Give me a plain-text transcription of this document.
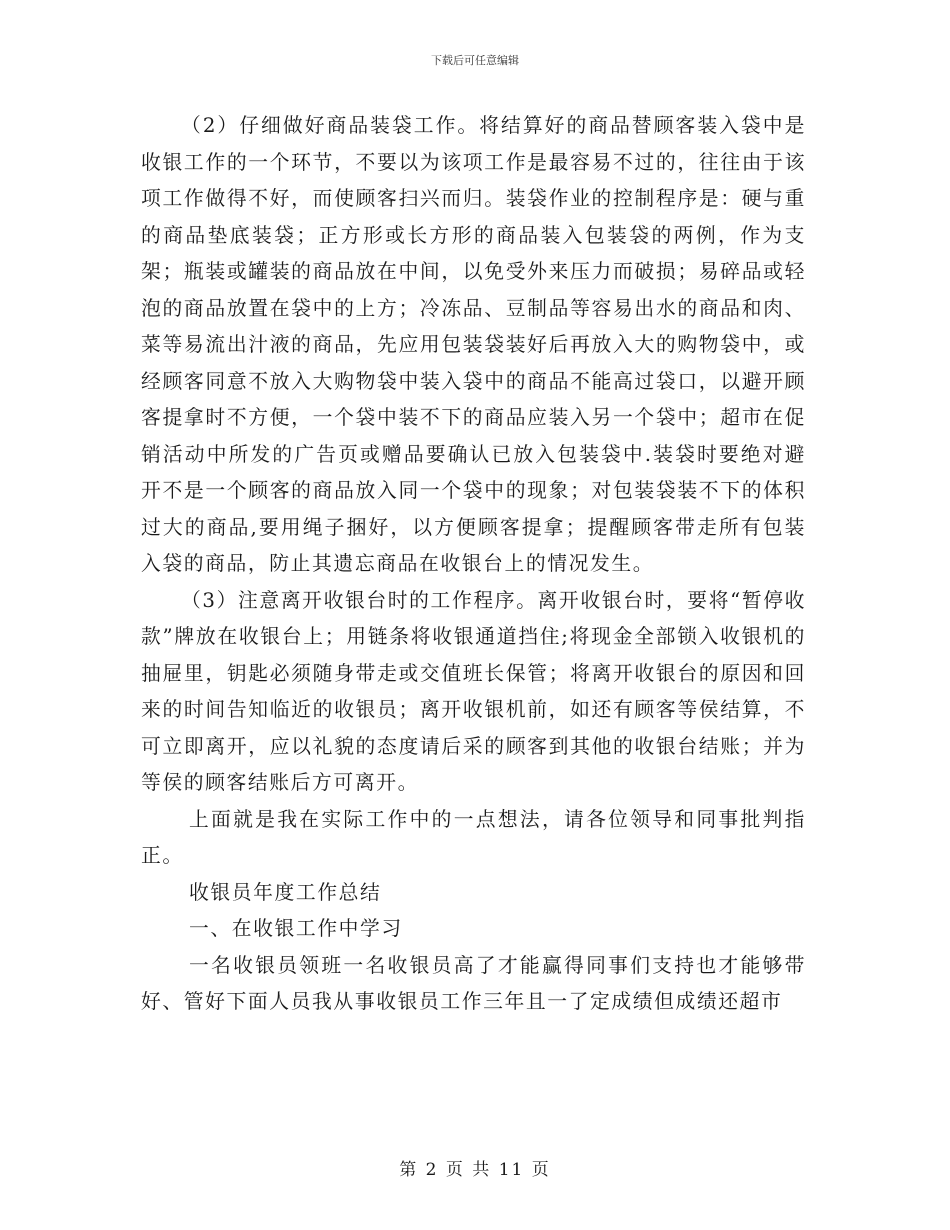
下载后可任意编辑

（2）仔细做好商品装袋工作。将结算好的商品替顾客装入袋中是收银工作的一个环节，不要以为该项工作是最容易不过的，往往由于该项工作做得不好，而使顾客扫兴而归。装袋作业的控制程序是：硬与重的商品垫底装袋；正方形或长方形的商品装入包装袋的两例，作为支架；瓶装或罐装的商品放在中间，以免受外来压力而破损；易碎品或轻泡的商品放置在袋中的上方；冷冻品、豆制品等容易出水的商品和肉、菜等易流出汁液的商品，先应用包装袋装好后再放入大的购物袋中，或经顾客同意不放入大购物袋中装入袋中的商品不能高过袋口，以避开顾客提拿时不方便，一个袋中装不下的商品应装入另一个袋中；超市在促销活动中所发的广告页或赠品要确认已放入包装袋中.装袋时要绝对避开不是一个顾客的商品放入同一个袋中的现象；对包装袋装不下的体积过大的商品,要用绳子捆好，以方便顾客提拿；提醒顾客带走所有包装入袋的商品，防止其遗忘商品在收银台上的情况发生。

（3）注意离开收银台时的工作程序。离开收银台时，要将“暂停收款”牌放在收银台上；用链条将收银通道挡住;将现金全部锁入收银机的抽屉里，钥匙必须随身带走或交值班长保管；将离开收银台的原因和回来的时间告知临近的收银员；离开收银机前，如还有顾客等侯结算，不可立即离开，应以礼貌的态度请后采的顾客到其他的收银台结账；并为等侯的顾客结账后方可离开。

上面就是我在实际工作中的一点想法，请各位领导和同事批判指正。

收银员年度工作总结

一、在收银工作中学习

一名收银员领班一名收银员高了才能赢得同事们支持也才能够带好、管好下面人员我从事收银员工作三年且一了定成绩但成绩还超市

第 2 页 共 11 页
